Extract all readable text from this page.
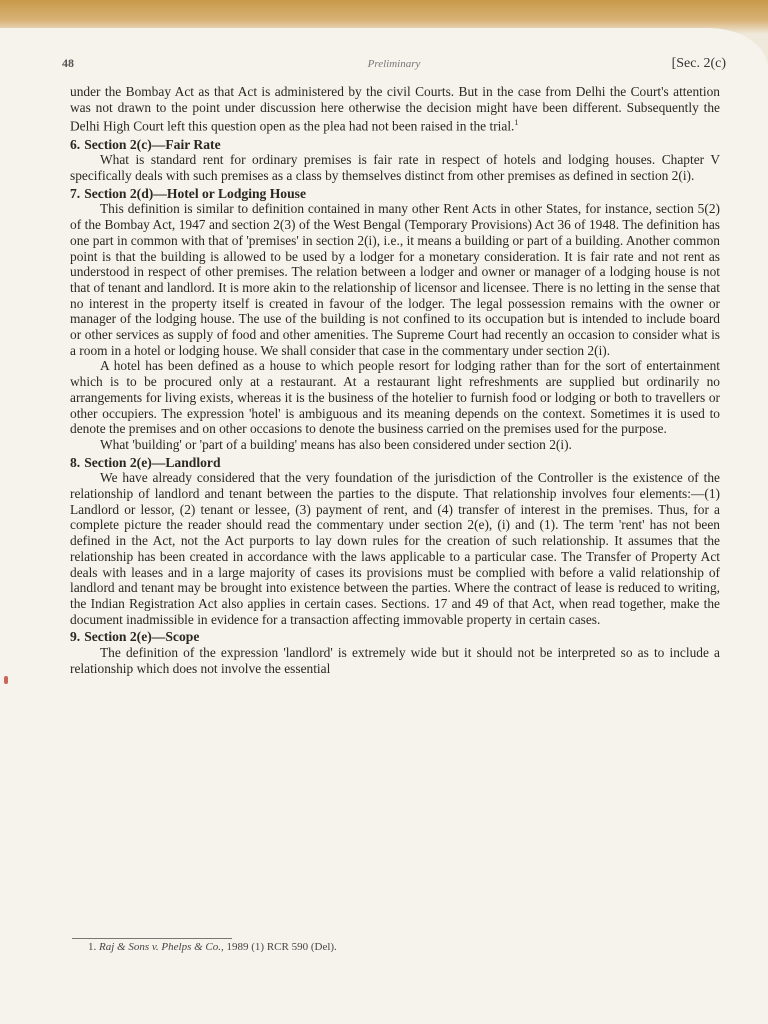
48	Preliminary	[Sec. 2(c)

under the Bombay Act as that Act is administered by the civil Courts. But in the case from Delhi the Court's attention was not drawn to the point under discussion here otherwise the decision might have been different. Subsequently the Delhi High Court left this question open as the plea had not been raised in the trial.$^1$

6. Section 2(c)—Fair Rate

What is standard rent for ordinary premises is fair rate in respect of hotels and lodging houses. Chapter V specifically deals with such premises as a class by themselves distinct from other premises as defined in section 2(i).

7. Section 2(d)—Hotel or Lodging House

This definition is similar to definition contained in many other Rent Acts in other States, for instance, section 5(2) of the Bombay Act, 1947 and section 2(3) of the West Bengal (Temporary Provisions) Act 36 of 1948. The definition has one part in common with that of 'premises' in section 2(i), i.e., it means a building or part of a building. Another common point is that the building is allowed to be used by a lodger for a monetary consideration. It is fair rate and not rent as understood in respect of other premises. The relation between a lodger and owner or manager of a lodging house is not that of tenant and landlord. It is more akin to the relationship of licensor and licensee. There is no letting in the sense that no interest in the property itself is created in favour of the lodger. The legal possession remains with the owner or manager of the lodging house. The use of the building is not confined to its occupation but is intended to include board or other services as supply of food and other amenities. The Supreme Court had recently an occasion to consider what is a room in a hotel or lodging house. We shall consider that case in the commentary under section 2(i).

A hotel has been defined as a house to which people resort for lodging rather than for the sort of entertainment which is to be procured only at a restaurant. At a restaurant light refreshments are supplied but ordinarily no arrangements for living exists, whereas it is the business of the hotelier to furnish food or lodging or both to travellers or other occupiers. The expression 'hotel' is ambiguous and its meaning depends on the context. Sometimes it is used to denote the premises and on other occasions to denote the business carried on the premises used for the purpose.

What 'building' or 'part of a building' means has also been considered under section 2(i).

8. Section 2(e)—Landlord

We have already considered that the very foundation of the jurisdiction of the Controller is the existence of the relationship of landlord and tenant between the parties to the dispute. That relationship involves four elements:—(1) Landlord or lessor, (2) tenant or lessee, (3) payment of rent, and (4) transfer of interest in the premises. Thus, for a complete picture the reader should read the commentary under section 2(e), (i) and (1). The term 'rent' has not been defined in the Act, not the Act purports to lay down rules for the creation of such relationship. It assumes that the relationship has been created in accordance with the laws applicable to a particular case. The Transfer of Property Act deals with leases and in a large majority of cases its provisions must be complied with before a valid relationship of landlord and tenant may be brought into existence between the parties. Where the contract of lease is reduced to writing, the Indian Registration Act also applies in certain cases. Sections. 17 and 49 of that Act, when read together, make the document inadmissible in evidence for a transaction affecting immovable property in certain cases.

9. Section 2(e)—Scope

The definition of the expression 'landlord' is extremely wide but it should not be interpreted so as to include a relationship which does not involve the essential

1. Raj & Sons v. Phelps & Co., 1989 (1) RCR 590 (Del).
